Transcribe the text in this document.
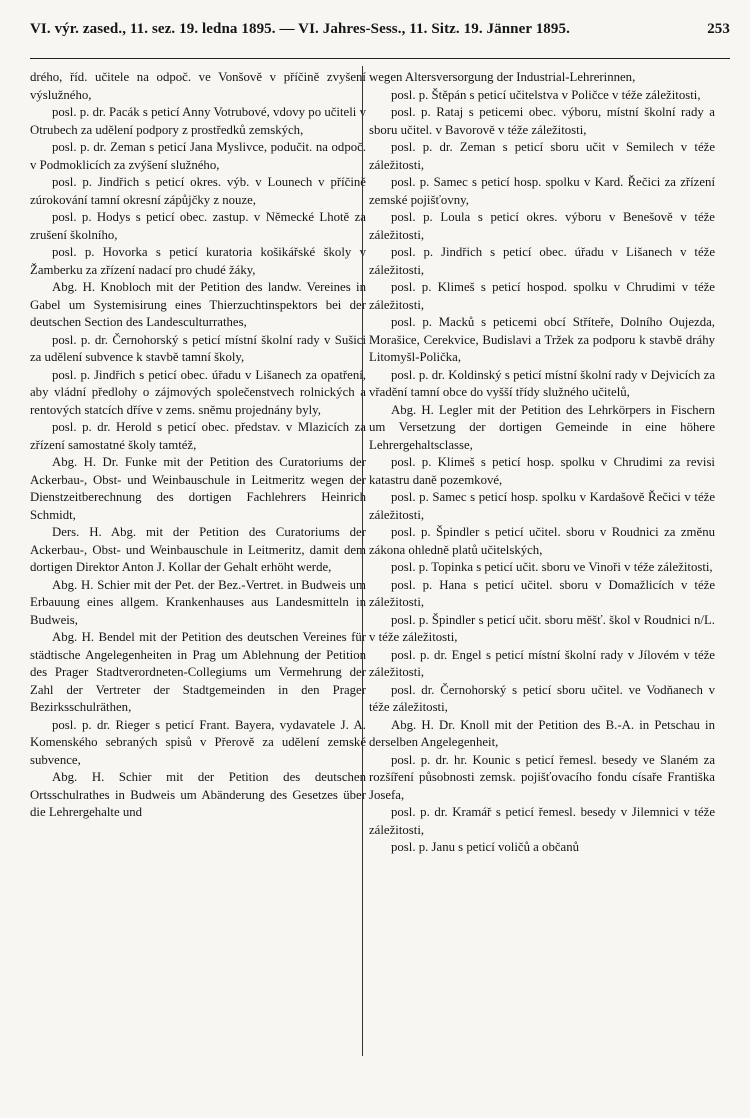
VI. výr. zased., 11. sez. 19. ledna 1895. — VI. Jahres-Sess., 11. Sitz. 19. Jänner 1895.	253

drého, říd. učitele na odpoč. ve Vonšově v příčině zvyšení výslužného,

posl. p. dr. Pacák s peticí Anny Votrubové, vdovy po učiteli v Otrubech za udělení podpory z prostředků zemských,

posl. p. dr. Zeman s peticí Jana Myslivce, podučit. na odpoč. v Podmoklicích za zvýšení služného,

posl. p. Jindřich s peticí okres. výb. v Lounech v příčině zúrokování tamní okresní zápůjčky z nouze,

posl. p. Hodys s peticí obec. zastup. v Německé Lhotě za zrušení školního,

posl. p. Hovorka s peticí kuratoria košikářské školy v Žamberku za zřízení nadací pro chudé žáky,

Abg. H. Knobloch mit der Petition des landw. Vereines in Gabel um Systemisirung eines Thierzuchtinspektors bei der deutschen Section des Landesculturrathes,

posl. p. dr. Černohorský s peticí místní školní rady v Sušici za udělení subvence k stavbě tamní školy,

posl. p. Jindřich s peticí obec. úřadu v Lišanech za opatření, aby vládní předlohy o zájmových společenstvech rolnických a rentových statcích dříve v zems. sněmu projednány byly,

posl. p. dr. Herold s peticí obec. představ. v Mlazicích za zřízení samostatné školy tamtéž,

Abg. H. Dr. Funke mit der Petition des Curatoriums der Ackerbau-, Obst- und Weinbauschule in Leitmeritz wegen der Dienstzeitberechnung des dortigen Fachlehrers Heinrich Schmidt,

Ders. H. Abg. mit der Petition des Curatoriums der Ackerbau-, Obst- und Weinbauschule in Leitmeritz, damit dem dortigen Direktor Anton J. Kollar der Gehalt erhöht werde,

Abg. H. Schier mit der Pet. der Bez.-Vertret. in Budweis um Erbauung eines allgem. Krankenhauses aus Landesmitteln in Budweis,

Abg. H. Bendel mit der Petition des deutschen Vereines für städtische Angelegenheiten in Prag um Ablehnung der Petition des Prager Stadtverordneten-Collegiums um Vermehrung der Zahl der Vertreter der Stadtgemeinden in den Prager Bezirksschulräthen,

posl. p. dr. Rieger s peticí Frant. Bayera, vydavatele J. A. Komenského sebraných spisů v Přerově za udělení zemské subvence,

Abg. H. Schier mit der Petition des deutschen Ortsschulrathes in Budweis um Abänderung des Gesetzes über die Lehrergehalte und

wegen Altersversorgung der Industrial-Lehrerinnen,

posl. p. Štěpán s peticí učitelstva v Poličce v téže záležitosti,

posl. p. Rataj s peticemi obec. výboru, místní školní rady a sboru učitel. v Bavorově v téže záležitosti,

posl. p. dr. Zeman s peticí sboru učit v Semilech v téže záležitosti,

posl. p. Samec s peticí hosp. spolku v Kard. Řečici za zřízení zemské pojišťovny,

posl. p. Loula s peticí okres. výboru v Benešově v téže záležitosti,

posl. p. Jindřich s peticí obec. úřadu v Lišanech v téže záležitosti,

posl. p. Klimeš s peticí hospod. spolku v Chrudimi v téže záležitosti,

posl. p. Macků s peticemi obcí Stříteře, Dolního Oujezda, Morašice, Cerekvice, Budislavi a Tržek za podporu k stavbě dráhy Litomyšl-Polička,

posl. p. dr. Koldinský s peticí místní školní rady v Dejvicích za vřadění tamní obce do vyšší třídy služného učitelů,

Abg. H. Legler mit der Petition des Lehrkörpers in Fischern um Versetzung der dortigen Gemeinde in eine höhere Lehrergehaltsclasse,

posl. p. Klimeš s peticí hosp. spolku v Chrudimi za revisi katastru daně pozemkové,

posl. p. Samec s peticí hosp. spolku v Kardašově Řečici v téže záležitosti,

posl. p. Špindler s peticí učitel. sboru v Roudnici za změnu zákona ohledně platů učitelských,

posl. p. Topinka s peticí učit. sboru ve Vinoři v téže záležitosti,

posl. p. Hana s peticí učitel. sboru v Domažlicích v téže záležitosti,

posl. p. Špindler s peticí učit. sboru měšť. škol v Roudnici n/L. v téže záležitosti,

posl. p. dr. Engel s peticí místní školní rady v Jílovém v téže záležitosti,

posl. dr. Černohorský s peticí sboru učitel. ve Vodňanech v téže záležitosti,

Abg. H. Dr. Knoll mit der Petition des B.-A. in Petschau in derselben Angelegenheit,

posl. p. dr. hr. Kounic s peticí řemesl. besedy ve Slaném za rozšíření působnosti zemsk. pojišťovacího fondu císaře Františka Josefa,

posl. p. dr. Kramář s peticí řemesl. besedy v Jilemnici v téže záležitosti,

posl. p. Janu s peticí voličů a občanů
